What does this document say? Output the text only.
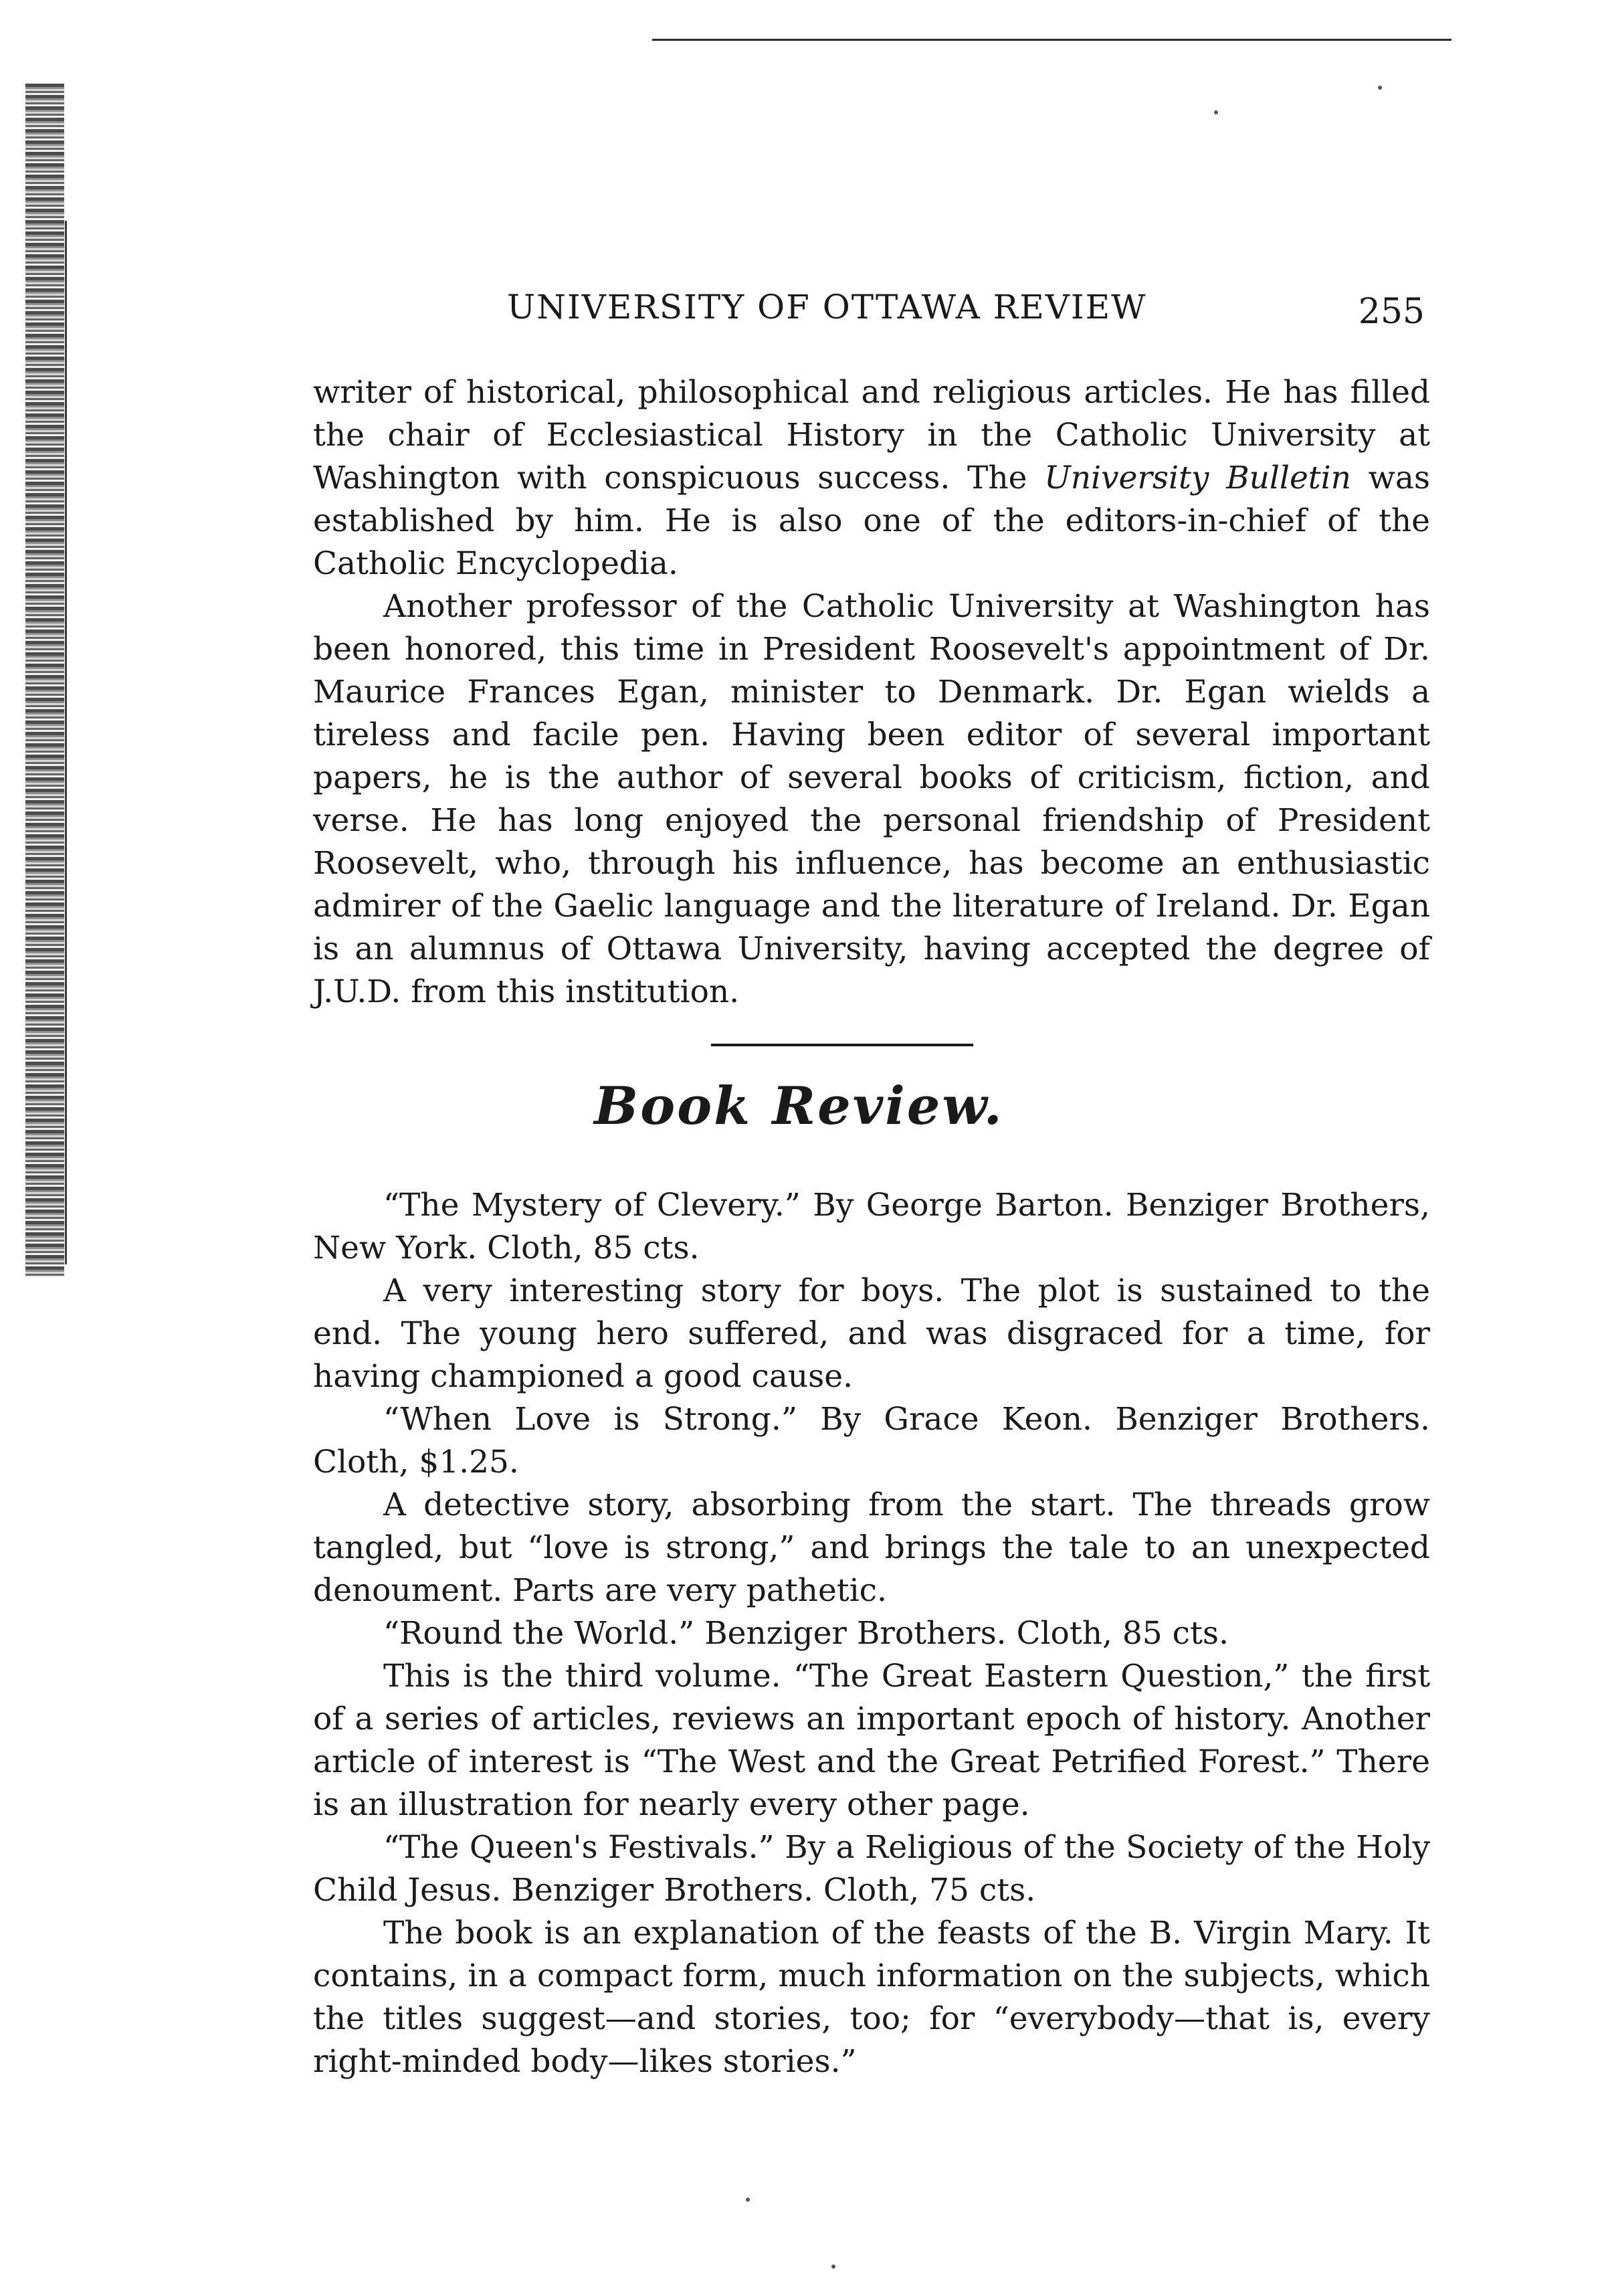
UNIVERSITY OF OTTAWA REVIEW	255

writer of historical, philosophical and religious articles. He has filled the chair of Ecclesiastical History in the Catholic University at Washington with conspicuous success. The University Bulletin was established by him. He is also one of the editors-in-chief of the Catholic Encyclopedia.

Another professor of the Catholic University at Washington has been honored, this time in President Roosevelt's appointment of Dr. Maurice Frances Egan, minister to Denmark. Dr. Egan wields a tireless and facile pen. Having been editor of several important papers, he is the author of several books of criticism, fiction, and verse. He has long enjoyed the personal friendship of President Roosevelt, who, through his influence, has become an enthusiastic admirer of the Gaelic language and the literature of Ireland. Dr. Egan is an alumnus of Ottawa University, having accepted the degree of J.U.D. from this institution.

Book Review.

“The Mystery of Clevery.” By George Barton. Benziger Brothers, New York. Cloth, 85 cts.

A very interesting story for boys. The plot is sustained to the end. The young hero suffered, and was disgraced for a time, for having championed a good cause.

“When Love is Strong.” By Grace Keon. Benziger Brothers. Cloth, $1.25.

A detective story, absorbing from the start. The threads grow tangled, but “love is strong,” and brings the tale to an unexpected denoument. Parts are very pathetic.

“Round the World.” Benziger Brothers. Cloth, 85 cts.

This is the third volume. “The Great Eastern Question,” the first of a series of articles, reviews an important epoch of history. Another article of interest is “The West and the Great Petrified Forest.” There is an illustration for nearly every other page.

“The Queen's Festivals.” By a Religious of the Society of the Holy Child Jesus. Benziger Brothers. Cloth, 75 cts.

The book is an explanation of the feasts of the B. Virgin Mary. It contains, in a compact form, much information on the subjects, which the titles suggest—and stories, too; for “everybody—that is, every right-minded body—likes stories.”
